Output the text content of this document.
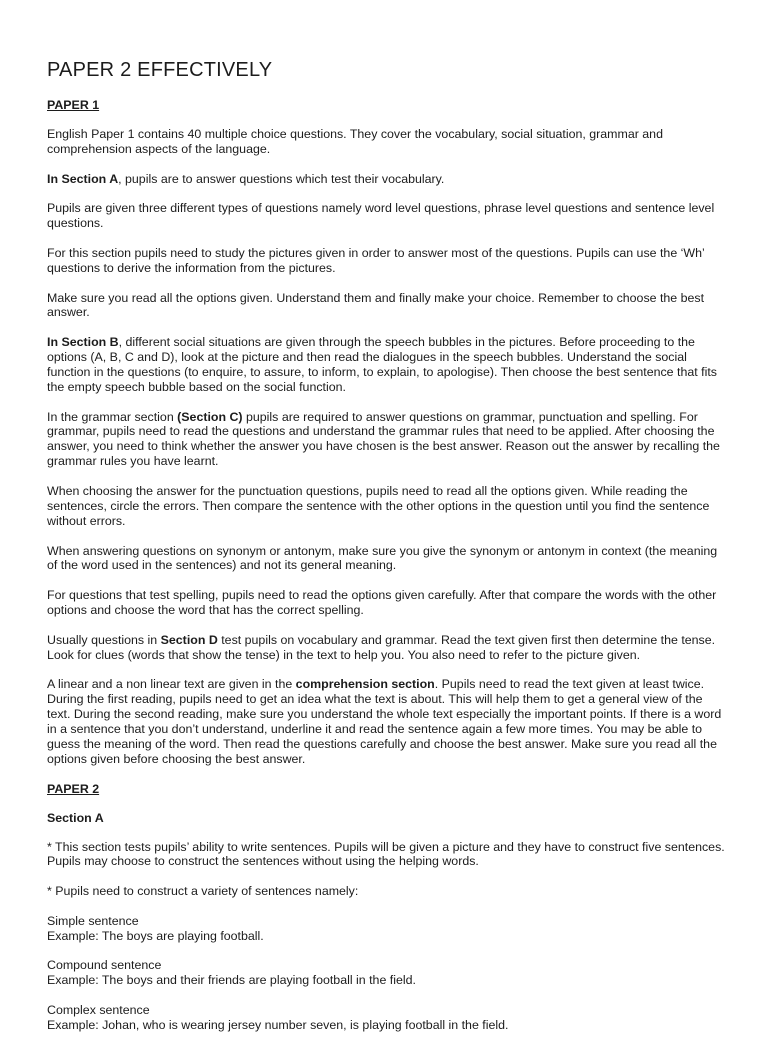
PAPER 2 EFFECTIVELY
PAPER 1

English Paper 1 contains 40 multiple choice questions. They cover the vocabulary, social situation, grammar and comprehension aspects of the language.

In Section A, pupils are to answer questions which test their vocabulary.

Pupils are given three different types of questions namely word level questions, phrase level questions and sentence level questions.

For this section pupils need to study the pictures given in order to answer most of the questions. Pupils can use the ‘Wh’ questions to derive the information from the pictures.

Make sure you read all the options given. Understand them and finally make your choice. Remember to choose the best answer.

In Section B, different social situations are given through the speech bubbles in the pictures. Before proceeding to the options (A, B, C and D), look at the picture and then read the dialogues in the speech bubbles. Understand the social function in the questions (to enquire, to assure, to inform, to explain, to apologise). Then choose the best sentence that fits the empty speech bubble based on the social function.

In the grammar section (Section C) pupils are required to answer questions on grammar, punctuation and spelling. For grammar, pupils need to read the questions and understand the grammar rules that need to be applied. After choosing the answer, you need to think whether the answer you have chosen is the best answer. Reason out the answer by recalling the grammar rules you have learnt.

When choosing the answer for the punctuation questions, pupils need to read all the options given. While reading the sentences, circle the errors. Then compare the sentence with the other options in the question until you find the sentence without errors.

When answering questions on synonym or antonym, make sure you give the synonym or antonym in context (the meaning of the word used in the sentences) and not its general meaning.

For questions that test spelling, pupils need to read the options given carefully. After that compare the words with the other options and choose the word that has the correct spelling.

Usually questions in Section D test pupils on vocabulary and grammar. Read the text given first then determine the tense. Look for clues (words that show the tense) in the text to help you. You also need to refer to the picture given.

A linear and a non linear text are given in the comprehension section. Pupils need to read the text given at least twice. During the first reading, pupils need to get an idea what the text is about. This will help them to get a general view of the text. During the second reading, make sure you understand the whole text especially the important points. If there is a word in a sentence that you don’t understand, underline it and read the sentence again a few more times. You may be able to guess the meaning of the word. Then read the questions carefully and choose the best answer. Make sure you read all the options given before choosing the best answer.

PAPER 2
Section A

* This section tests pupils’ ability to write sentences. Pupils will be given a picture and they have to construct five sentences. Pupils may choose to construct the sentences without using the helping words.

* Pupils need to construct a variety of sentences namely:

Simple sentence
Example: The boys are playing football.

Compound sentence
Example: The boys and their friends are playing football in the field.

Complex sentence
Example: Johan, who is wearing jersey number seven, is playing football in the field.
